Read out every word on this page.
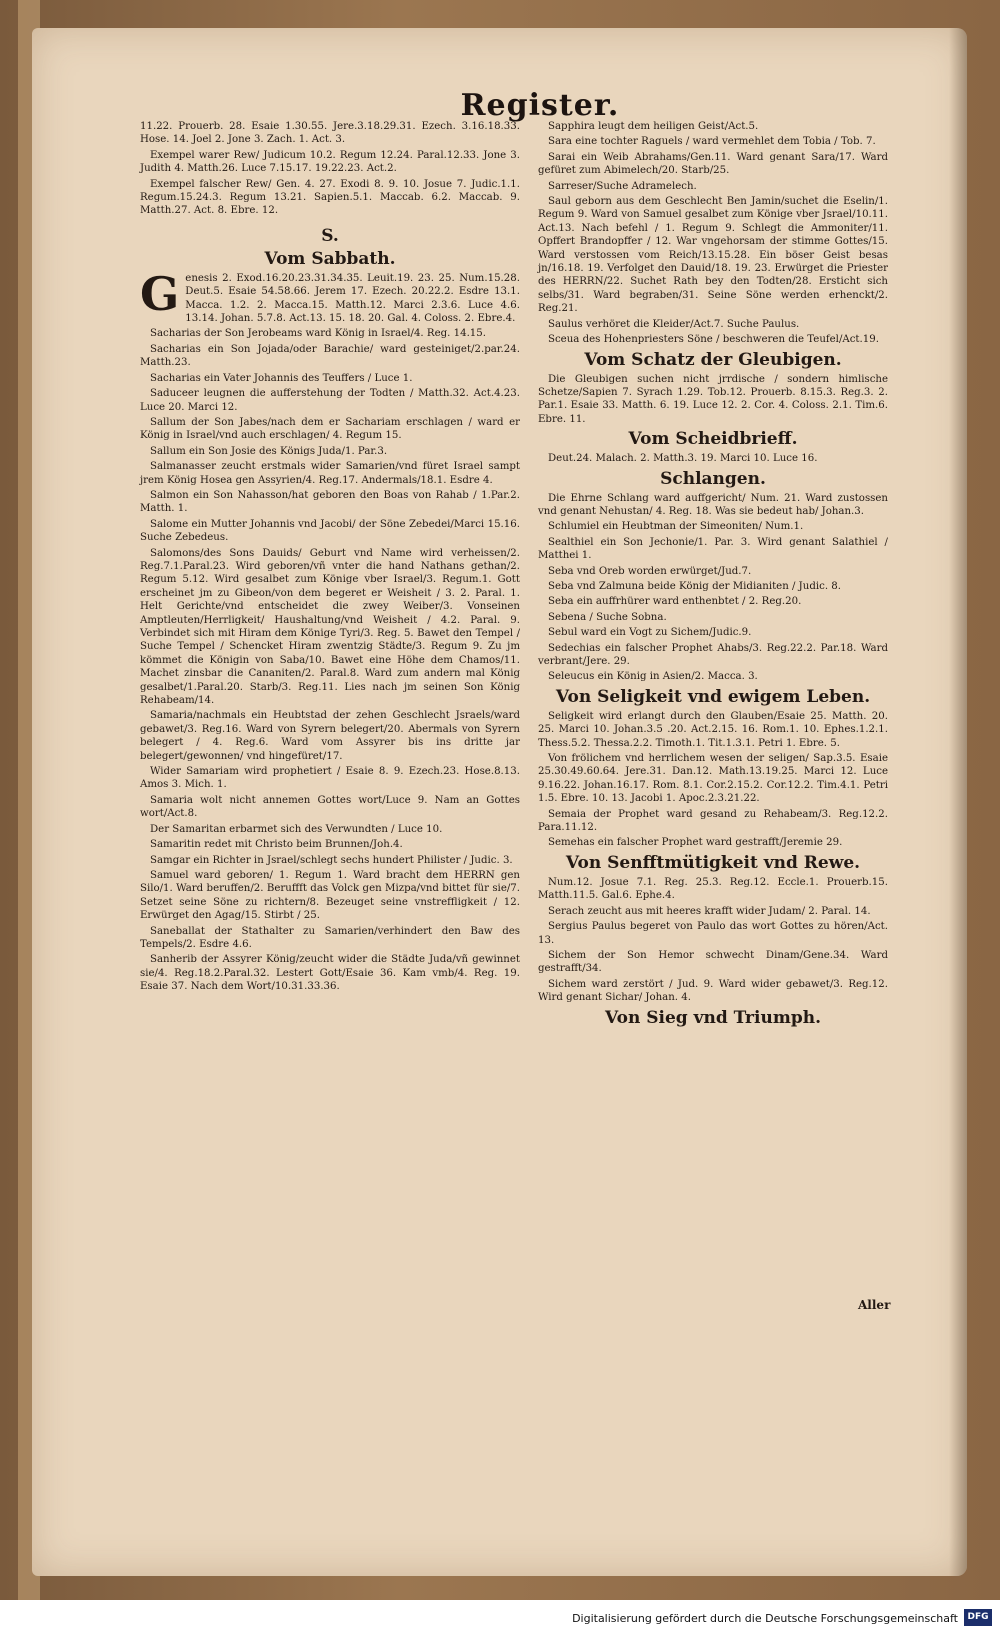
Register.

11.22. Prouerb. 28. Esaie 1.30.55. Jere.3.18.29.31. Ezech. 3.16.18.33. Hose. 14. Joel 2. Jone 3. Zach. 1. Act. 3.

Exempel warer Rew/ Judicum 10.2. Regum 12.24. Paral.12.33. Jone 3. Judith 4. Matth.26. Luce 7.15.17. 19.22.23. Act.2.

Exempel falscher Rew/ Gen. 4. 27. Exodi 8. 9. 10. Josue 7. Judic.1.1. Regum.15.24.3. Regum 13.21. Sapien.5.1. Maccab. 6.2. Maccab. 9. Matth.27. Act. 8. Ebre. 12.

S.
Vom Sabbath.

Genesis 2. Exod.16.20.23.31.34.35. Leuit.19. 23. 25. Num.15.28. Deut.5. Esaie 54.58.66. Jerem 17. Ezech. 20.22.2. Esdre 13.1. Macca. 1.2. 2. Macca.15. Matth.12. Marci 2.3.6. Luce 4.6. 13.14. Johan. 5.7.8. Act.13. 15. 18. 20. Gal. 4. Coloss. 2. Ebre.4.

Sacharias der Son Jerobeams ward König in Israel/4. Reg. 14.15.

Sacharias ein Son Jojada/oder Barachie/ ward gesteiniget/2.par.24. Matth.23.

Sacharias ein Vater Johannis des Teuffers / Luce 1.

Saduceer leugnen die aufferstehung der Todten / Matth.32. Act.4.23. Luce 20. Marci 12.

Sallum der Son Jabes/nach dem er Sachariam erschlagen / ward er König in Israel/vnd auch erschlagen/ 4. Regum 15.

Sallum ein Son Josie des Königs Juda/1. Par.3.

Salmanasser zeucht erstmals wider Samarien/vnd füret Israel sampt jrem König Hosea gen Assyrien/4. Reg.17. Andermals/18.1. Esdre 4.

Salmon ein Son Nahasson/hat geboren den Boas von Rahab / 1.Par.2. Matth. 1.

Salome ein Mutter Johannis vnd Jacobi/ der Söne Zebedei/Marci 15.16. Suche Zebedeus.

Salomons/des Sons Dauids/ Geburt vnd Name wird verheissen/2. Reg.7.1.Paral.23. Wird geboren/vñ vnter die hand Nathans gethan/2. Regum 5.12. Wird gesalbet zum Könige vber Israel/3. Regum.1. Gott erscheinet jm zu Gibeon/von dem begeret er Weisheit / 3. 2. Paral. 1. Helt Gerichte/vnd entscheidet die zwey Weiber/3. Vonseinen Amptleuten/Herrligkeit/ Haushaltung/vnd Weisheit / 4.2. Paral. 9. Verbindet sich mit Hiram dem Könige Tyri/3. Reg. 5. Bawet den Tempel / Suche Tempel / Schencket Hiram zwentzig Städte/3. Regum 9. Zu jm kömmet die Königin von Saba/10. Bawet eine Höhe dem Chamos/11. Machet zinsbar die Cananiten/2. Paral.8. Ward zum andern mal König gesalbet/1.Paral.20. Starb/3. Reg.11. Lies nach jm seinen Son König Rehabeam/14.

Samaria/nachmals ein Heubtstad der zehen Geschlecht Jsraels/ward gebawet/3. Reg.16. Ward von Syrern belegert/20. Abermals von Syrern belegert / 4. Reg.6. Ward vom Assyrer bis ins dritte jar belegert/gewonnen/ vnd hingefüret/17.

Wider Samariam wird prophetiert / Esaie 8. 9. Ezech.23. Hose.8.13. Amos 3. Mich. 1.

Samaria wolt nicht annemen Gottes wort/Luce 9. Nam an Gottes wort/Act.8.

Der Samaritan erbarmet sich des Verwundten / Luce 10.

Samaritin redet mit Christo beim Brunnen/Joh.4.

Samgar ein Richter in Jsrael/schlegt sechs hundert Philister / Judic. 3.

Samuel ward geboren/ 1. Regum 1. Ward bracht dem HERRN gen Silo/1. Ward beruffen/2. Beruffft das Volck gen Mizpa/vnd bittet für sie/7. Setzet seine Söne zu richtern/8. Bezeuget seine vnstreffligkeit / 12. Erwürget den Agag/15. Stirbt / 25.

Saneballat der Stathalter zu Samarien/verhindert den Baw des Tempels/2. Esdre 4.6.

Sanherib der Assyrer König/zeucht wider die Städte Juda/vñ gewinnet sie/4. Reg.18.2.Paral.32. Lestert Gott/Esaie 36. Kam vmb/4. Reg. 19. Esaie 37. Nach dem Wort/10.31.33.36.

Sapphira leugt dem heiligen Geist/Act.5.

Sara eine tochter Raguels / ward vermehlet dem Tobia / Tob. 7.

Sarai ein Weib Abrahams/Gen.11. Ward genant Sara/17. Ward gefüret zum Abimelech/20. Starb/25.

Sarreser/Suche Adramelech.

Saul geborn aus dem Geschlecht Ben Jamin/suchet die Eselin/1. Regum 9. Ward von Samuel gesalbet zum Könige vber Jsrael/10.11. Act.13. Nach befehl / 1. Regum 9. Schlegt die Ammoniter/11. Opffert Brandopffer / 12. War vngehorsam der stimme Gottes/15. Ward verstossen vom Reich/13.15.28. Ein böser Geist besas jn/16.18. 19. Verfolget den Dauid/18. 19. 23. Erwürget die Priester des HERRN/22. Suchet Rath bey den Todten/28. Ersticht sich selbs/31. Ward begraben/31. Seine Söne werden erhenckt/2. Reg.21.

Saulus verhöret die Kleider/Act.7. Suche Paulus.

Sceua des Hohenpriesters Söne / beschweren die Teufel/Act.19.

Vom Schatz der Gleubigen.

Die Gleubigen suchen nicht jrrdische / sondern himlische Schetze/Sapien 7. Syrach 1.29. Tob.12. Prouerb. 8.15.3. Reg.3. 2. Par.1. Esaie 33. Matth. 6. 19. Luce 12. 2. Cor. 4. Coloss. 2.1. Tim.6. Ebre. 11.

Vom Scheidbrieff.

Deut.24. Malach. 2. Matth.3. 19. Marci 10. Luce 16.

Schlangen.

Die Ehrne Schlang ward auffgericht/ Num. 21. Ward zustossen vnd genant Nehustan/ 4. Reg. 18. Was sie bedeut hab/ Johan.3.

Schlumiel ein Heubtman der Simeoniten/ Num.1.

Sealthiel ein Son Jechonie/1. Par. 3. Wird genant Salathiel / Matthei 1.

Seba vnd Oreb worden erwürget/Jud.7.

Seba vnd Zalmuna beide König der Midianiten / Judic. 8.

Seba ein auffrhürer ward enthenbtet / 2. Reg.20.

Sebena / Suche Sobna.

Sebul ward ein Vogt zu Sichem/Judic.9.

Sedechias ein falscher Prophet Ahabs/3. Reg.22.2. Par.18. Ward verbrant/Jere. 29.

Seleucus ein König in Asien/2. Macca. 3.

Von Seligkeit vnd ewigem Leben.

Seligkeit wird erlangt durch den Glauben/Esaie 25. Matth. 20. 25. Marci 10. Johan.3.5 .20. Act.2.15. 16. Rom.1. 10. Ephes.1.2.1. Thess.5.2. Thessa.2.2. Timoth.1. Tit.1.3.1. Petri 1. Ebre. 5.

Von frölichem vnd herrlichem wesen der seligen/ Sap.3.5. Esaie 25.30.49.60.64. Jere.31. Dan.12. Math.13.19.25. Marci 12. Luce 9.16.22. Johan.16.17. Rom. 8.1. Cor.2.15.2. Cor.12.2. Tim.4.1. Petri 1.5. Ebre. 10. 13. Jacobi 1. Apoc.2.3.21.22.

Semaia der Prophet ward gesand zu Rehabeam/3. Reg.12.2. Para.11.12.

Semehas ein falscher Prophet ward gestrafft/Jeremie 29.

Von Senfftmütigkeit vnd Rewe.

Num.12. Josue 7.1. Reg. 25.3. Reg.12. Eccle.1. Prouerb.15. Matth.11.5. Gal.6. Ephe.4.

Serach zeucht aus mit heeres krafft wider Judam/ 2. Paral. 14.

Sergius Paulus begeret von Paulo das wort Gottes zu hören/Act. 13.

Sichem der Son Hemor schwecht Dinam/Gene.34. Ward gestrafft/34.

Sichem ward zerstört / Jud. 9. Ward wider gebawet/3. Reg.12. Wird genant Sichar/ Johan. 4.

Von Sieg vnd Triumph.
Aller
Digitalisierung gefördert durch die Deutsche Forschungsgemeinschaft	DFG
